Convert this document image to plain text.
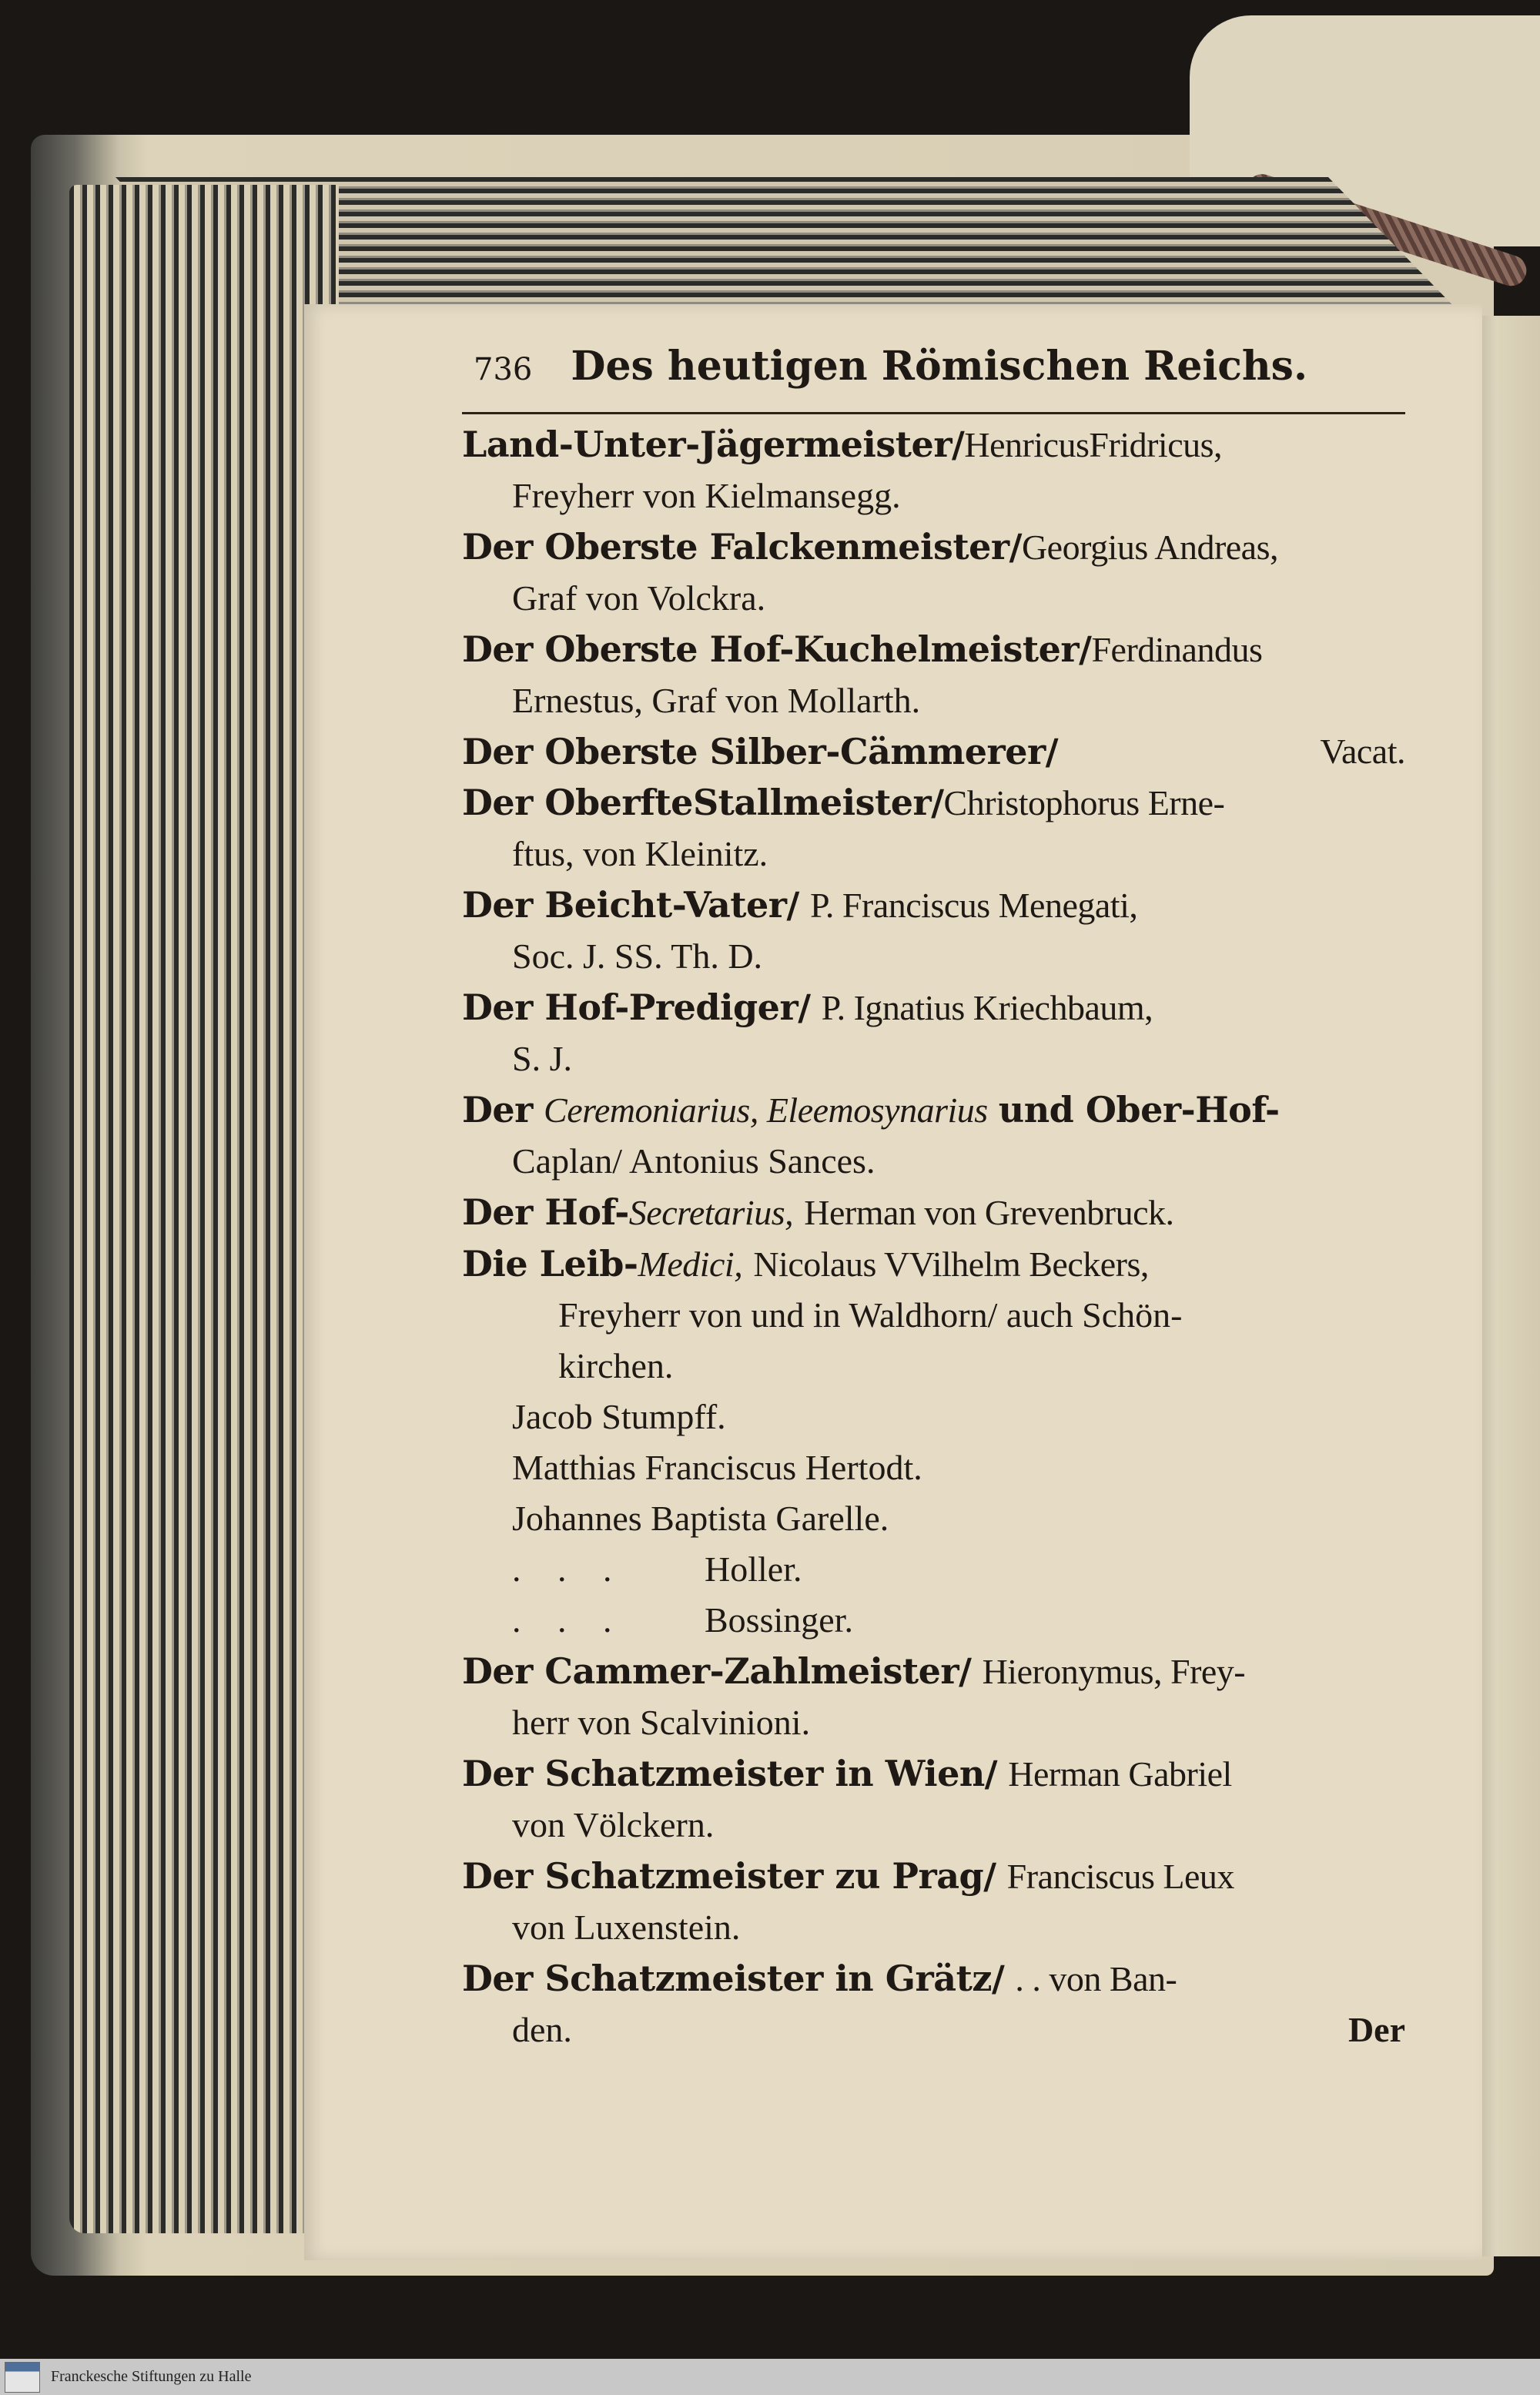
736 Des heutigen Römischen Reichs.

Land-Unter-Jägermeister/HenricusFridricus,

Freyherr von Kielmansegg.

Der Oberste Falckenmeister/Georgius Andreas,

Graf von Volckra.

Der Oberste Hof-Kuchelmeister/Ferdinandus

Ernestus, Graf von Mollarth.

Der Oberste Silber-Cämmerer/	Vacat.

Der OberfteStallmeister/Christophorus Erne-

ftus, von Kleinitz.

Der Beicht-Vater/ P. Franciscus Menegati,

Soc. J. SS. Th. D.

Der Hof-Prediger/ P. Ignatius Kriechbaum,

S. J.

Der Ceremoniarius, Eleemosynarius und Ober-Hof-

Caplan/ Antonius Sances.

Der Hof-Secretarius, Herman von Grevenbruck.

Die Leib-Medici, Nicolaus VVilhelm Beckers,

Freyherr von und in Waldhorn/ auch Schön-

kirchen.

Jacob Stumpff.

Matthias Franciscus Hertodt.

Johannes Baptista Garelle.

. . . Holler.

. . . Bossinger.

Der Cammer-Zahlmeister/ Hieronymus, Frey-

herr von Scalvinioni.

Der Schatzmeister in Wien/ Herman Gabriel

von Völckern.

Der Schatzmeister zu Prag/ Franciscus Leux

von Luxenstein.

Der Schatzmeister in Grätz/ . . von Ban-

den.	Der
Franckesche Stiftungen zu Halle
